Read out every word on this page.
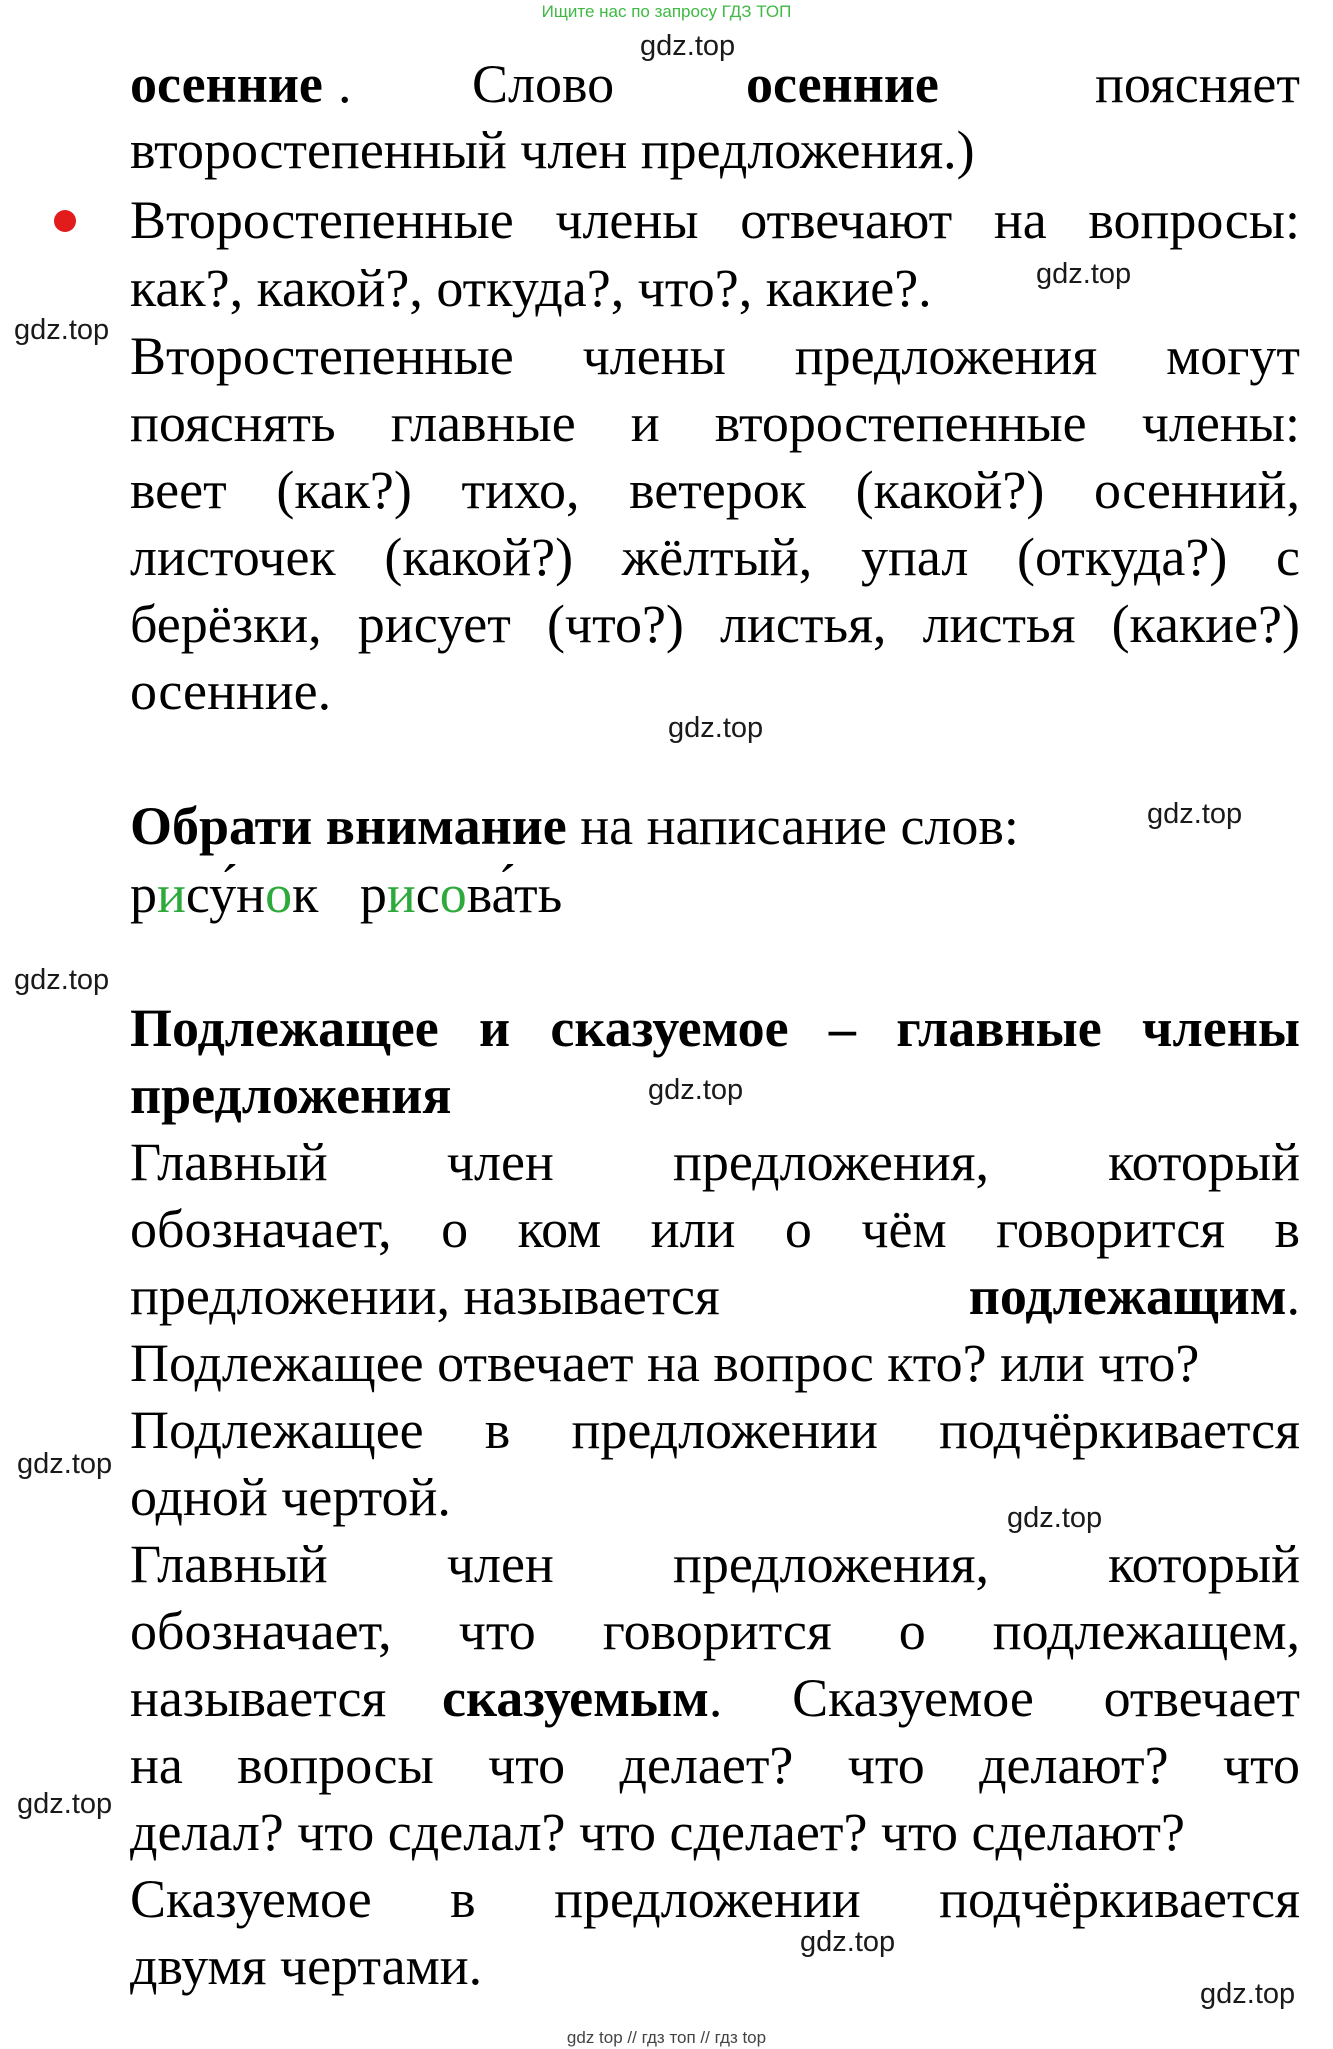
Ищите нас по запросу ГДЗ ТОП
gdz.top
gdz.top
gdz.top
gdz.top
gdz.top
gdz.top
gdz.top
gdz.top
gdz.top
gdz.top
gdz.top
gdz.top
осенние . Слово осенние	поясняет
второстепенный член предложения.)
Второстепенные члены отвечают на вопросы:
как?, какой?, откуда?, что?, какие?.
Второстепенные члены предложения могут
пояснять главные и второстепенные члены:
веет (как?) тихо, ветерок (какой?) осенний,
листочек (какой?) жёлтый, упал (откуда?) с
берёзки, рисует (что?) листья, листья (какие?)
осенние.
Обрати внимание на написание слов:
рису́нок рисова́ть
Подлежащее и сказуемое – главные члены
предложения
Главный член предложения, который
обозначает, о ком или о чём говорится в
предложении, называется	подлежащим.
Подлежащее отвечает на вопрос кто? или что?
Подлежащее в предложении подчёркивается
одной чертой.
Главный член предложения, который
обозначает, что говорится о подлежащем,
называется сказуемым. Сказуемое отвечает
на вопросы что делает? что делают? что
делал? что сделал? что сделает? что сделают?
Сказуемое в предложении подчёркивается
двумя чертами.
gdz top // гдз топ // гдз top
